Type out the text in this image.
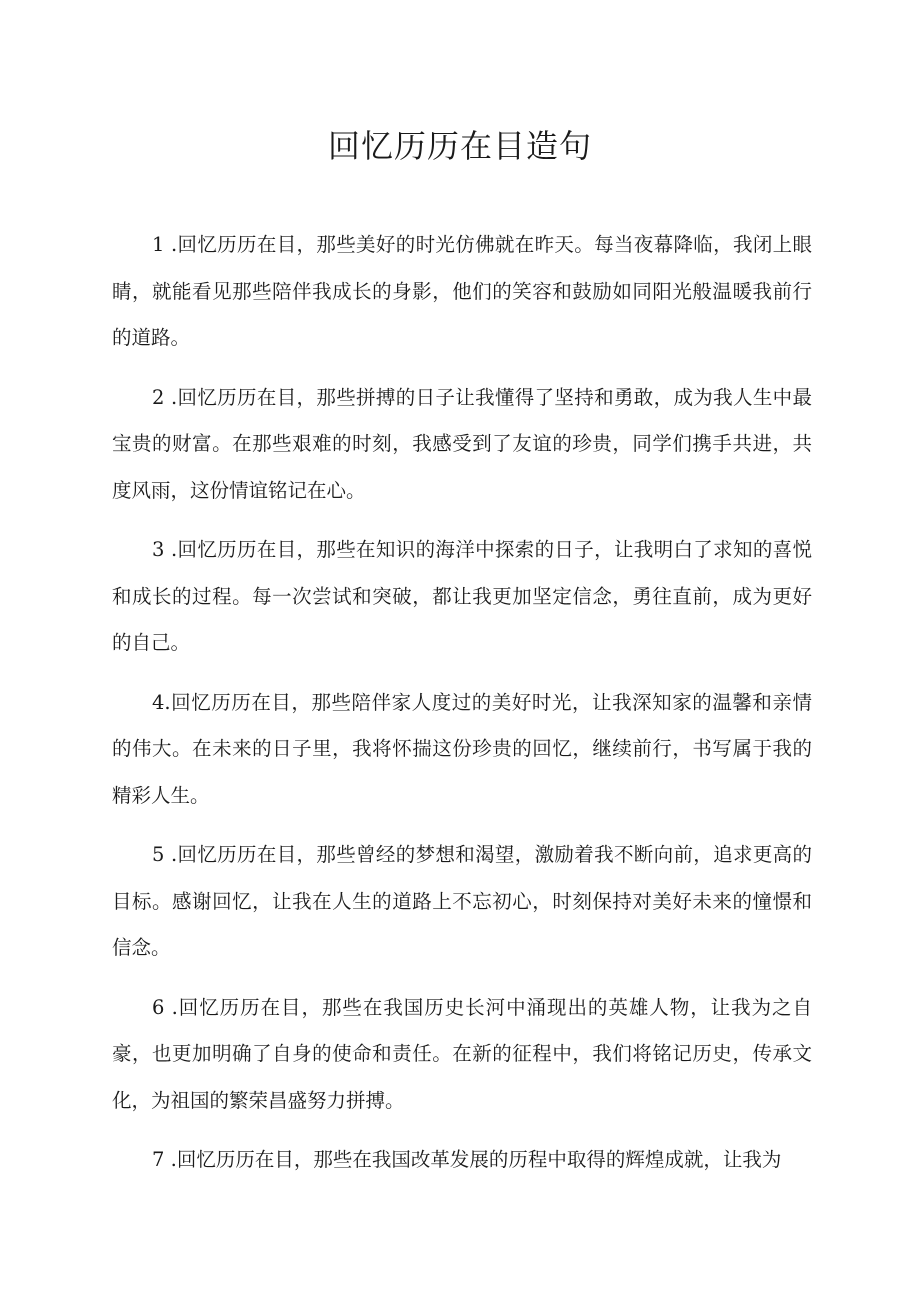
回忆历历在目造句

1 .回忆历历在目，那些美好的时光仿佛就在昨天。每当夜幕降临，我闭上眼睛，就能看见那些陪伴我成长的身影，他们的笑容和鼓励如同阳光般温暖我前行的道路。

2 .回忆历历在目，那些拼搏的日子让我懂得了坚持和勇敢，成为我人生中最宝贵的财富。在那些艰难的时刻，我感受到了友谊的珍贵，同学们携手共进，共度风雨，这份情谊铭记在心。

3 .回忆历历在目，那些在知识的海洋中探索的日子，让我明白了求知的喜悦和成长的过程。每一次尝试和突破，都让我更加坚定信念，勇往直前，成为更好的自己。

4.回忆历历在目，那些陪伴家人度过的美好时光，让我深知家的温馨和亲情的伟大。在未来的日子里，我将怀揣这份珍贵的回忆，继续前行，书写属于我的精彩人生。

5 .回忆历历在目，那些曾经的梦想和渴望，激励着我不断向前，追求更高的目标。感谢回忆，让我在人生的道路上不忘初心，时刻保持对美好未来的憧憬和信念。

6 .回忆历历在目，那些在我国历史长河中涌现出的英雄人物，让我为之自豪，也更加明确了自身的使命和责任。在新的征程中，我们将铭记历史，传承文化，为祖国的繁荣昌盛努力拼搏。

7 .回忆历历在目，那些在我国改革发展的历程中取得的辉煌成就，让我为
